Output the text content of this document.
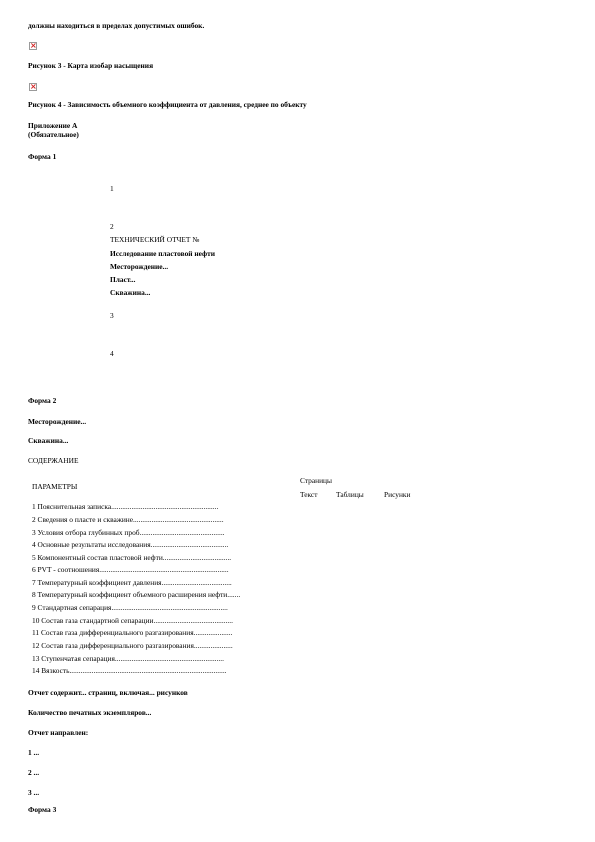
должны находиться в пределах допустимых ошибок.
×
Рисунок 3 - Карта изобар насыщения
×
Рисунок 4 - Зависимость объемного коэффициента от давления, среднее по объекту
Приложение А
(Обязательное)
Форма 1
1
2
ТЕХНИЧЕСКИЙ ОТЧЕТ №
Исследование пластовой нефти
Месторождение...
Пласт...
Скважина...
3
4
Форма 2
Месторождение...
Скважина...
СОДЕРЖАНИЕ
Страницы
ПАРАМЕТРЫ
Текст	Таблицы	Рисунки
1 Пояснительная записка..........................................................
2 Сведения о пласте и скважине.................................................
3 Условия отбора глубинных проб..............................................
4 Основные результаты исследования..........................................
5 Компонентный состав пластовой нефти.....................................
6 PVT - соотношения......................................................................
7 Температурный коэффициент давления......................................
8 Температурный коэффициент объемного расширения нефти.......
9 Стандартная сепарация...............................................................
10 Состав газа стандартной сепарации...........................................
11 Состав газа дифференциального разгазирования.....................
12 Состав газа дифференциального разгазирования.....................
13 Ступенчатая сепарация...........................................................
14 Вязкость.....................................................................................
Отчет содержит... страниц, включая... рисунков
Количество печатных экземпляров...
Отчет направлен:
1 ...
2 ...
3 ...
Форма 3
